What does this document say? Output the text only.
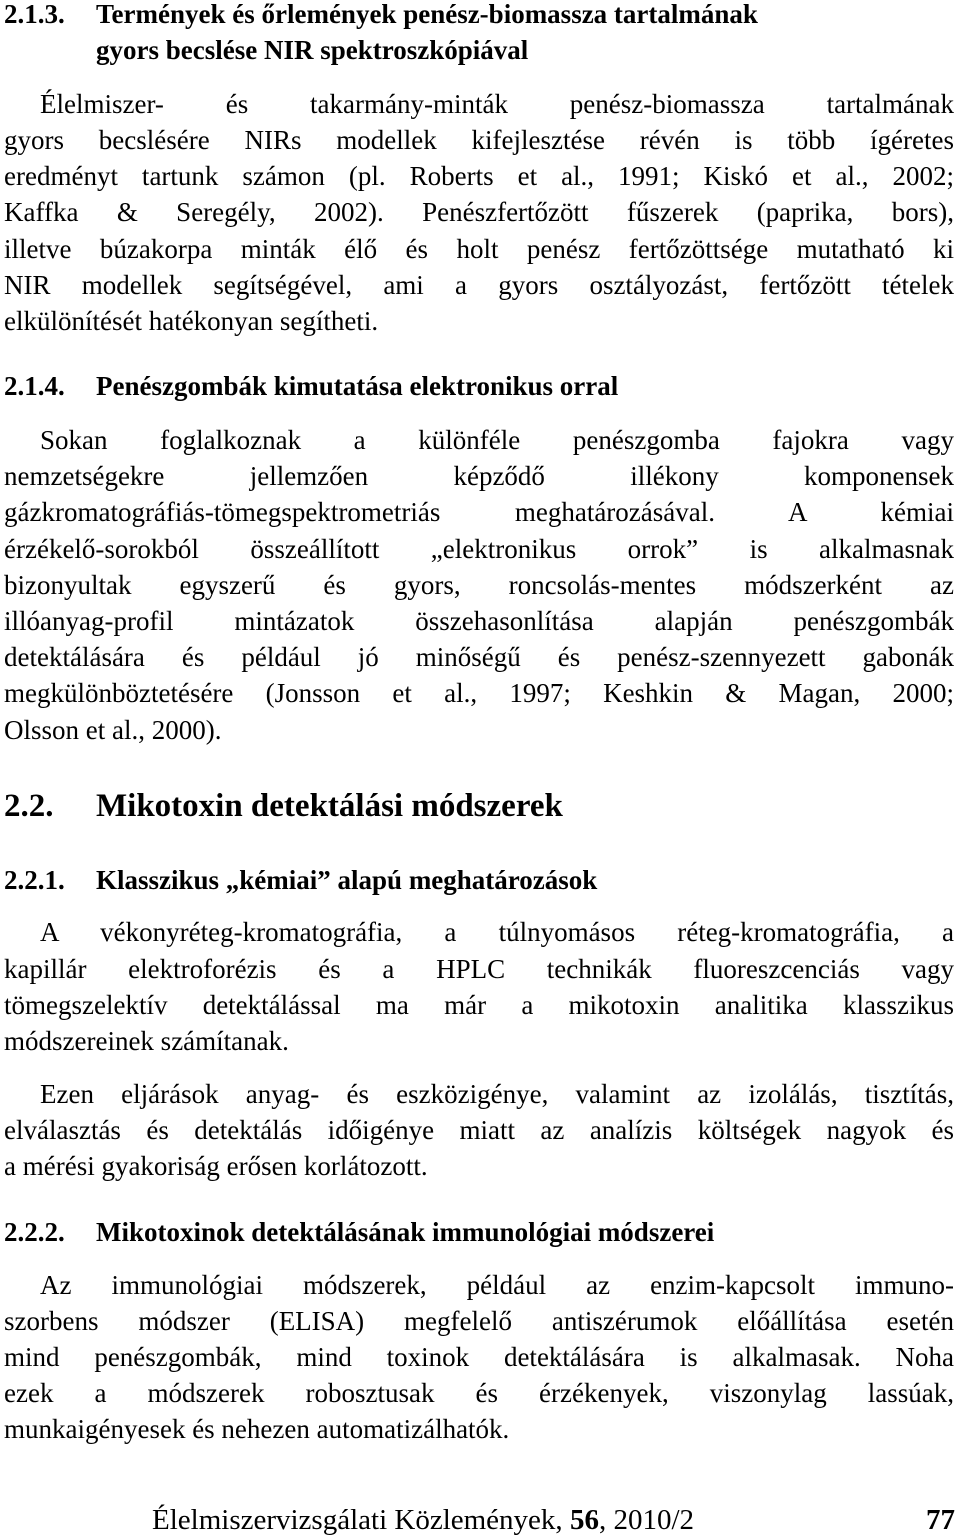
2.1.3. Termények és őrlemények penész-biomassza tartalmának
gyors becslése NIR spektroszkópiával
Élelmiszer- és takarmány-minták penész-biomassza tartalmának
gyors becslésére NIRs modellek kifejlesztése révén is több ígéretes
eredményt tartunk számon (pl. Roberts et al., 1991; Kiskó et al., 2002;
Kaffka & Seregély, 2002). Penészfertőzött fűszerek (paprika, bors),
illetve búzakorpa minták élő és holt penész fertőzöttsége mutatható ki
NIR modellek segítségével, ami a gyors osztályozást, fertőzött tételek
elkülönítését hatékonyan segítheti.
2.1.4. Penészgombák kimutatása elektronikus orral
Sokan foglalkoznak a különféle penészgomba fajokra vagy
nemzetségekre jellemzően képződő illékony komponensek
gázkromatográfiás-tömegspektrometriás meghatározásával. A kémiai
érzékelő-sorokból összeállított „elektronikus orrok” is alkalmasnak
bizonyultak egyszerű és gyors, roncsolás-mentes módszerként az
illóanyag-profil mintázatok összehasonlítása alapján penészgombák
detektálására és például jó minőségű és penész-szennyezett gabonák
megkülönböztetésére (Jonsson et al., 1997; Keshkin & Magan, 2000;
Olsson et al., 2000).
2.2. Mikotoxin detektálási módszerek
2.2.1. Klasszikus „kémiai” alapú meghatározások
A vékonyréteg-kromatográfia, a túlnyomásos réteg-kromatográfia, a
kapillár elektroforézis és a HPLC technikák fluoreszcenciás vagy
tömegszelektív detektálással ma már a mikotoxin analitika klasszikus
módszereinek számítanak.
Ezen eljárások anyag- és eszközigénye, valamint az izolálás, tisztítás,
elválasztás és detektálás időigénye miatt az analízis költségek nagyok és
a mérési gyakoriság erősen korlátozott.
2.2.2. Mikotoxinok detektálásának immunológiai módszerei
Az immunológiai módszerek, például az enzim-kapcsolt immuno-
szorbens módszer (ELISA) megfelelő antiszérumok előállítása esetén
mind penészgombák, mind toxinok detektálására is alkalmasak. Noha
ezek a módszerek robosztusak és érzékenyek, viszonylag lassúak,
munkaigényesek és nehezen automatizálhatók.
Élelmiszervizsgálati Közlemények, 56, 2010/2	77
